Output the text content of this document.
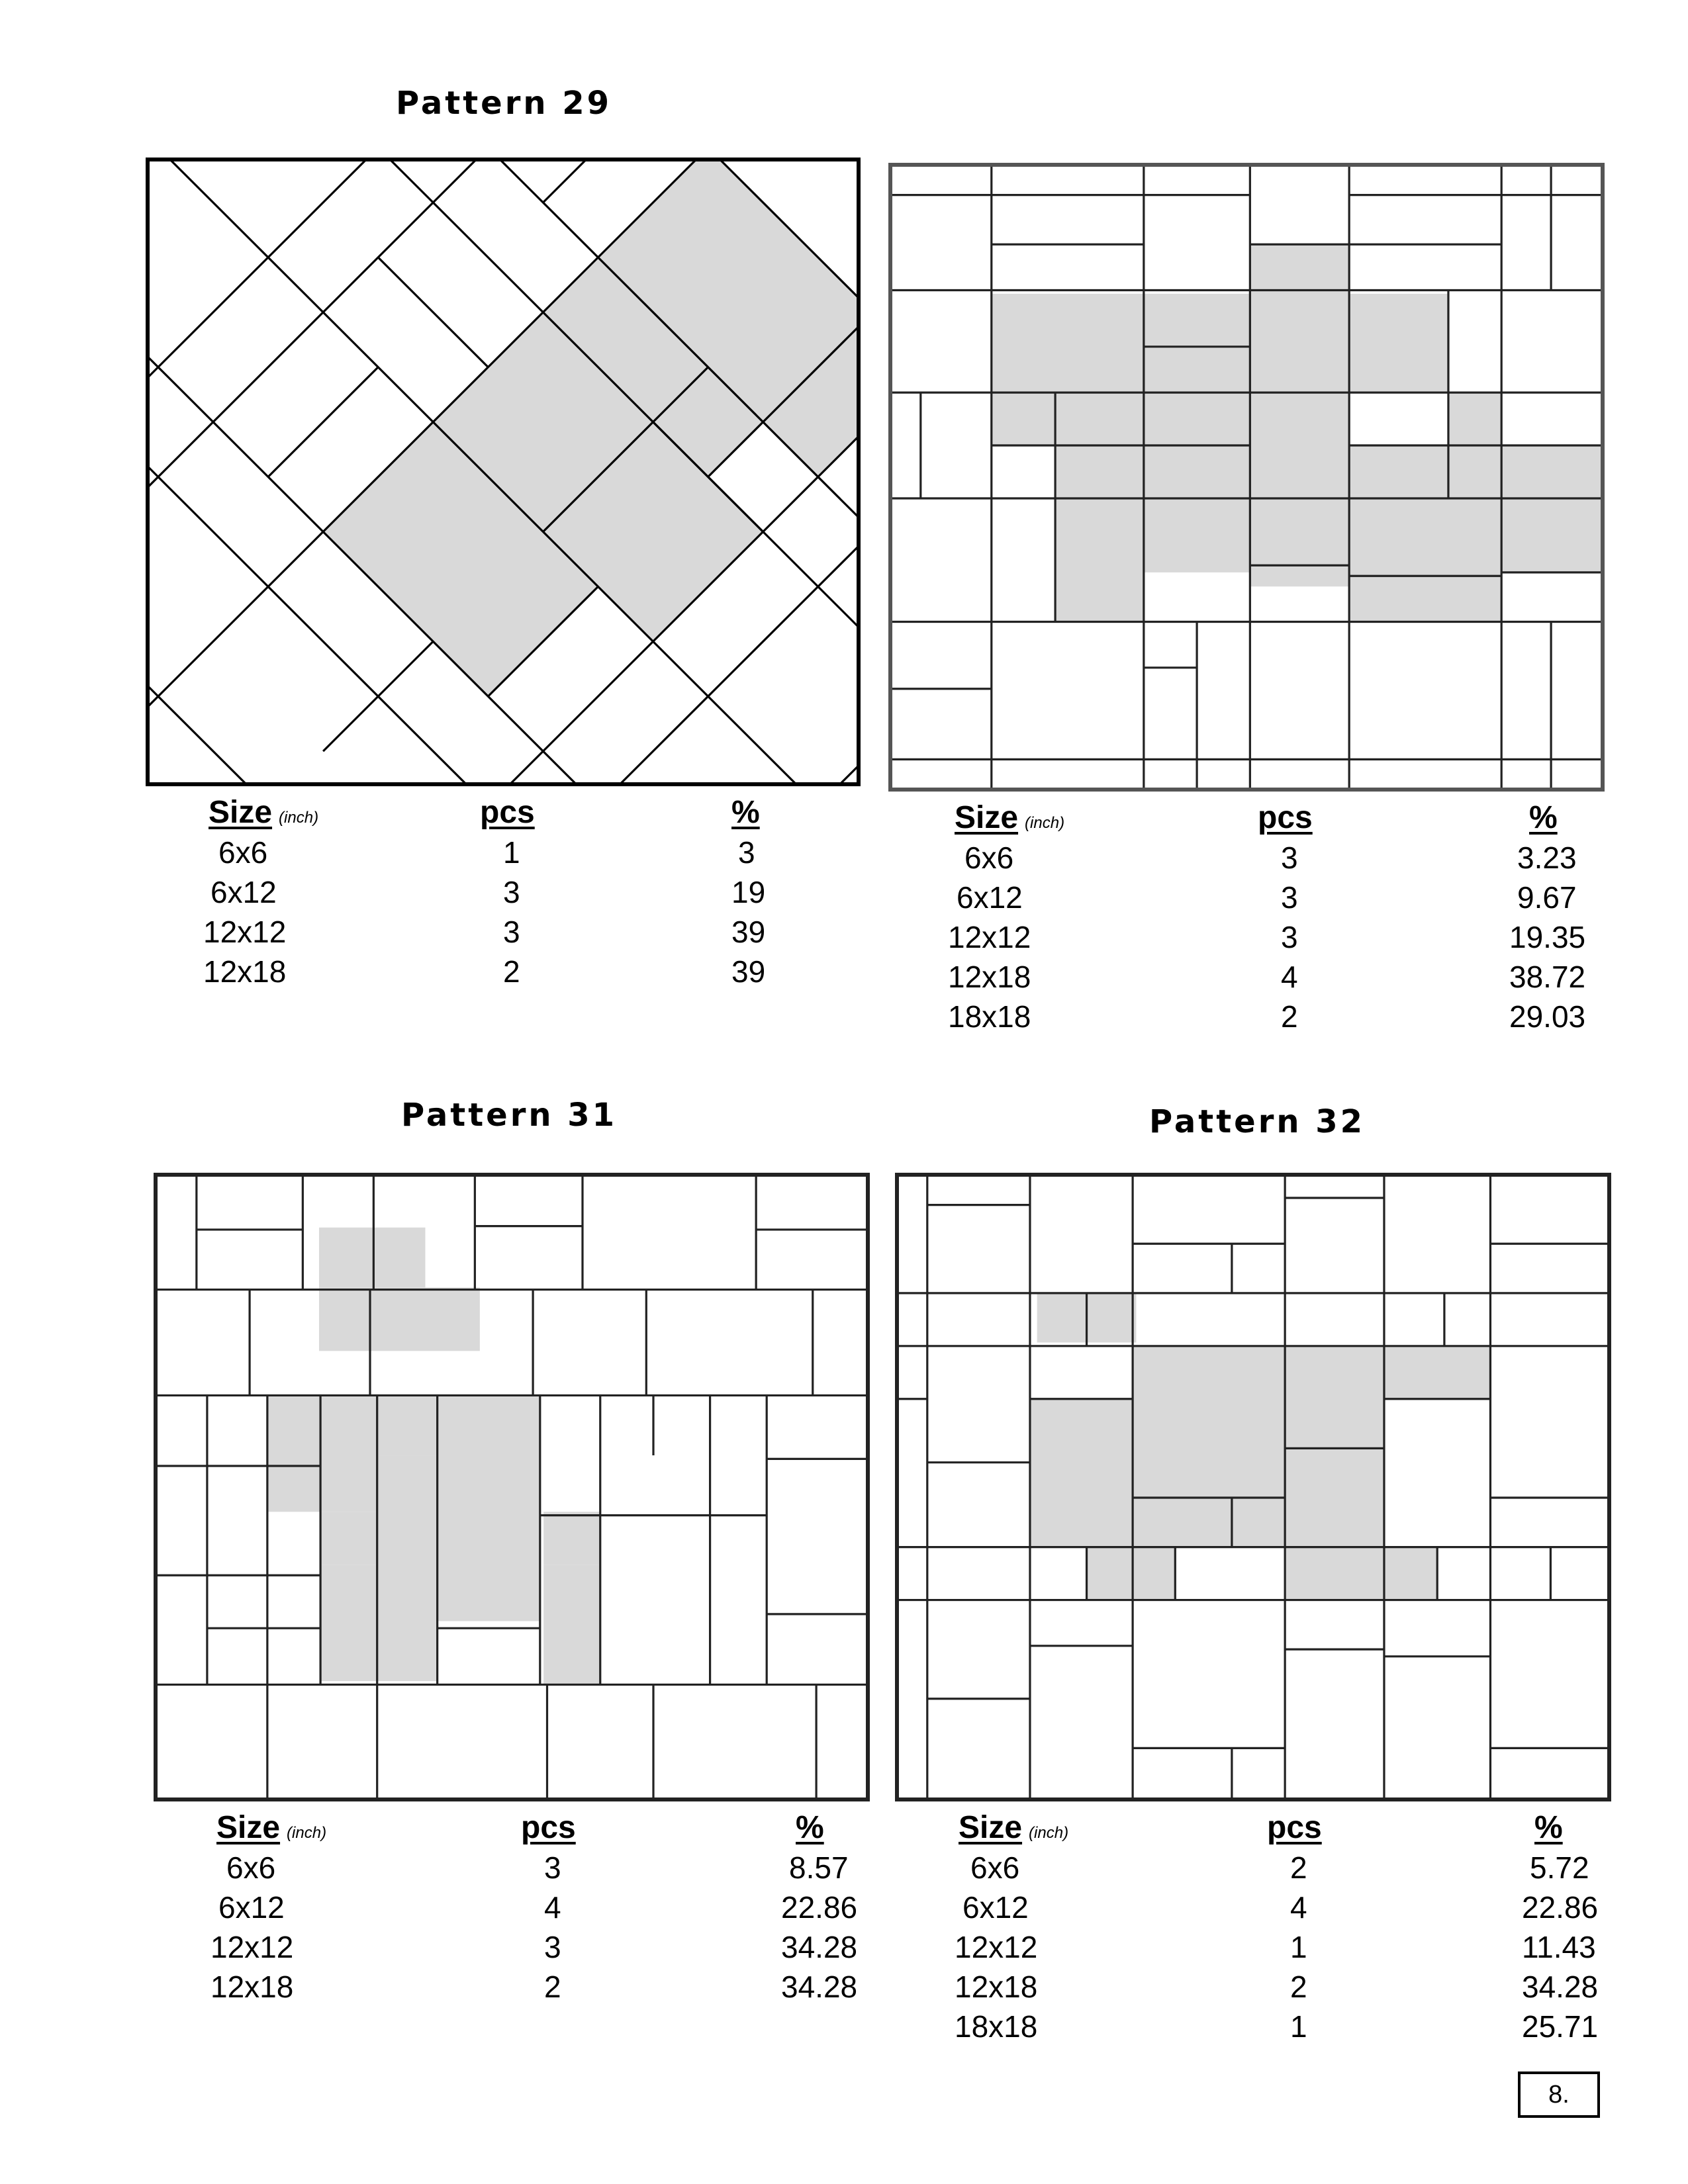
Pattern 29
Size (inch)	pcs	%
6x6	1	3
6x12	3	19
12x12	3	39
12x18	2	39
Size (inch)	pcs	%
6x6	3	3.23
6x12	3	9.67
12x12	3	19.35
12x18	4	38.72
18x18	2	29.03
Pattern 31
Size (inch)	pcs	%
6x6	3	8.57
6x12	4	22.86
12x12	3	34.28
12x18	2	34.28
Pattern 32
Size (inch)	pcs	%
6x6	2	5.72
6x12	4	22.86
12x12	1	11.43
12x18	2	34.28
18x18	1	25.71
8.
